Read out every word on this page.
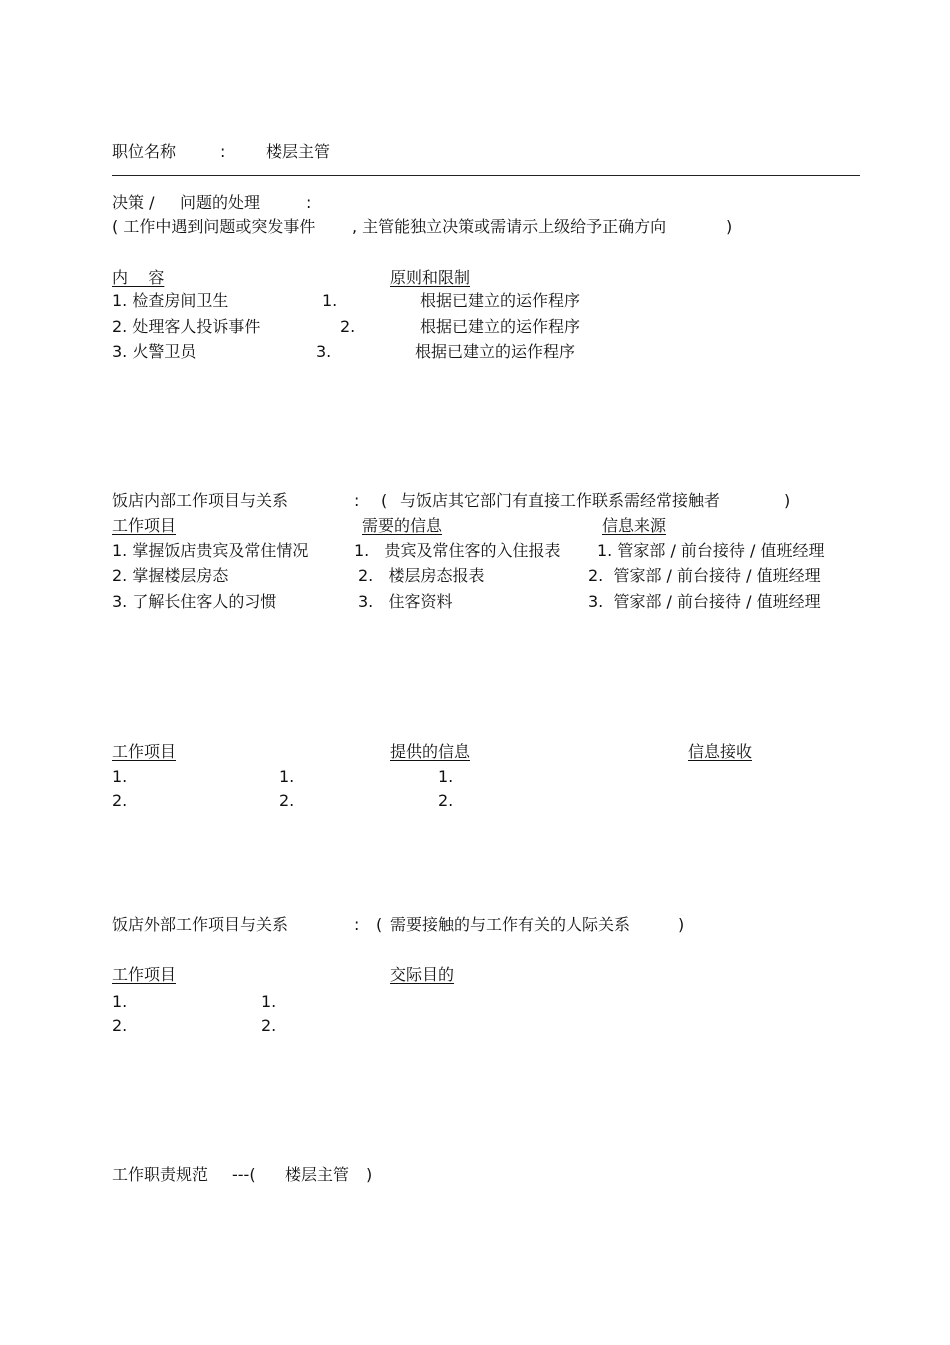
职位名称	:	楼层主管
决策 / 问题的处理	:
( 工作中遇到问题或突发事件 , 主管能独立决策或需请示上级给予正确方向	)
内    容	原则和限制
1. 检查房间卫生	1.	根据已建立的运作程序
2. 处理客人投诉事件	2.	根据已建立的运作程序
3. 火警卫员	3.	根据已建立的运作程序
饭店内部工作项目与关系	: ( 与饭店其它部门有直接工作联系需经常接触者	)
工作项目	需要的信息	信息来源
1. 掌握饭店贵宾及常住情况	1.   贵宾及常住客的入住报表 1. 管家部 / 前台接待 / 值班经理
2. 掌握楼层房态	2.   楼层房态报表	2.  管家部 / 前台接待 / 值班经理
3. 了解长住客人的习惯	3.   住客资料	3.  管家部 / 前台接待 / 值班经理
工作项目	提供的信息	信息接收
1.	1.	1.
2.	2.	2.
饭店外部工作项目与关系	: ( 需要接触的与工作有关的人际关系	)
工作项目	交际目的
1.	1.
2.	2.
工作职责规范 ---( 楼层主管 )
